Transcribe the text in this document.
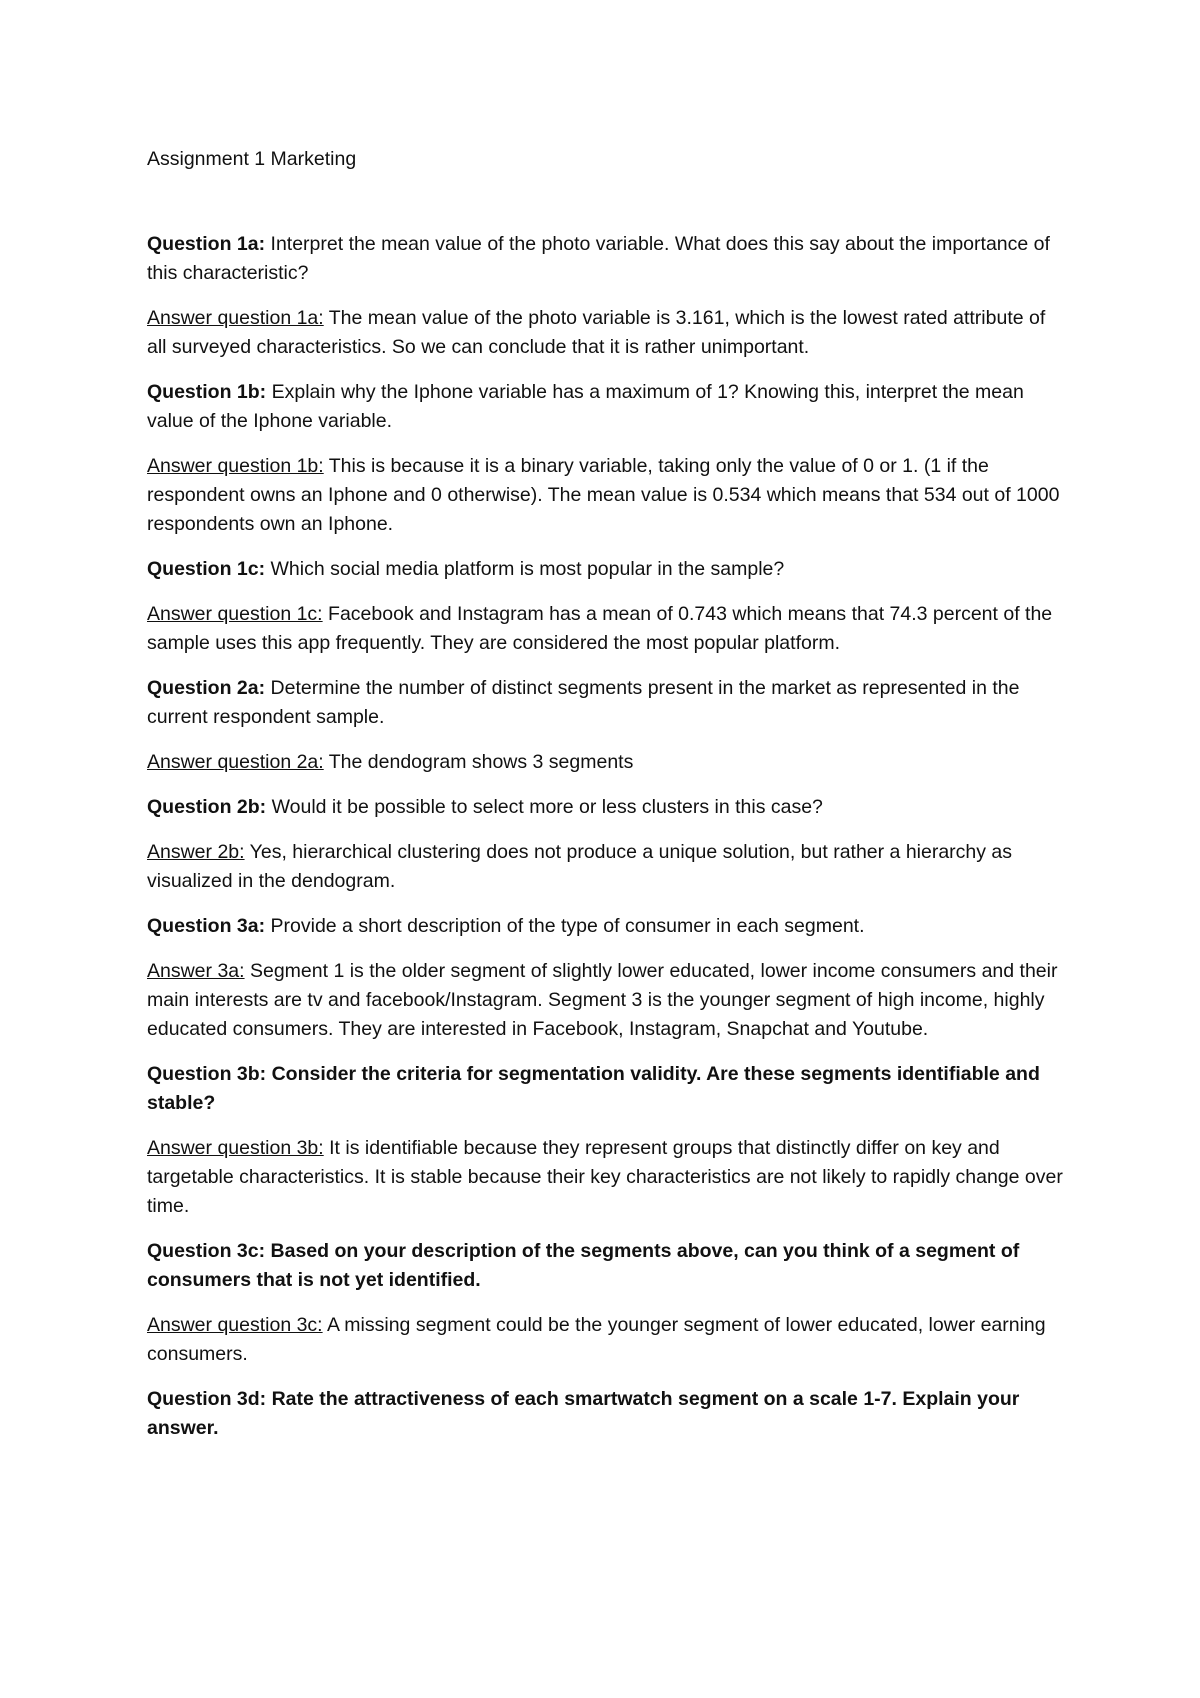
Assignment 1 Marketing

Question 1a: Interpret the mean value of the photo variable. What does this say about the importance of this characteristic?

Answer question 1a: The mean value of the photo variable is 3.161, which is the lowest rated attribute of all surveyed characteristics. So we can conclude that it is rather unimportant.

Question 1b: Explain why the Iphone variable has a maximum of 1? Knowing this, interpret the mean value of the Iphone variable.

Answer question 1b: This is because it is a binary variable, taking only the value of 0 or 1. (1 if the respondent owns an Iphone and 0 otherwise). The mean value is 0.534 which means that 534 out of 1000 respondents own an Iphone.

Question 1c: Which social media platform is most popular in the sample?

Answer question 1c: Facebook and Instagram has a mean of 0.743 which means that 74.3 percent of the sample uses this app frequently. They are considered the most popular platform.

Question 2a: Determine the number of distinct segments present in the market as represented in the current respondent sample.

Answer question 2a: The dendogram shows 3 segments

Question 2b: Would it be possible to select more or less clusters in this case?

Answer 2b: Yes, hierarchical clustering does not produce a unique solution, but rather a hierarchy as visualized in the dendogram.

Question 3a: Provide a short description of the type of consumer in each segment.

Answer 3a: Segment 1 is the older segment of slightly lower educated, lower income consumers and their main interests are tv and facebook/Instagram. Segment 3 is the younger segment of high income, highly educated consumers. They are interested in Facebook, Instagram, Snapchat and Youtube.

Question 3b: Consider the criteria for segmentation validity. Are these segments identifiable and stable?

Answer question 3b: It is identifiable because they represent groups that distinctly differ on key and targetable characteristics. It is stable because their key characteristics are not likely to rapidly change over time.

Question 3c: Based on your description of the segments above, can you think of a segment of consumers that is not yet identified.

Answer question 3c: A missing segment could be the younger segment of lower educated, lower earning consumers.

Question 3d: Rate the attractiveness of each smartwatch segment on a scale 1-7. Explain your answer.
